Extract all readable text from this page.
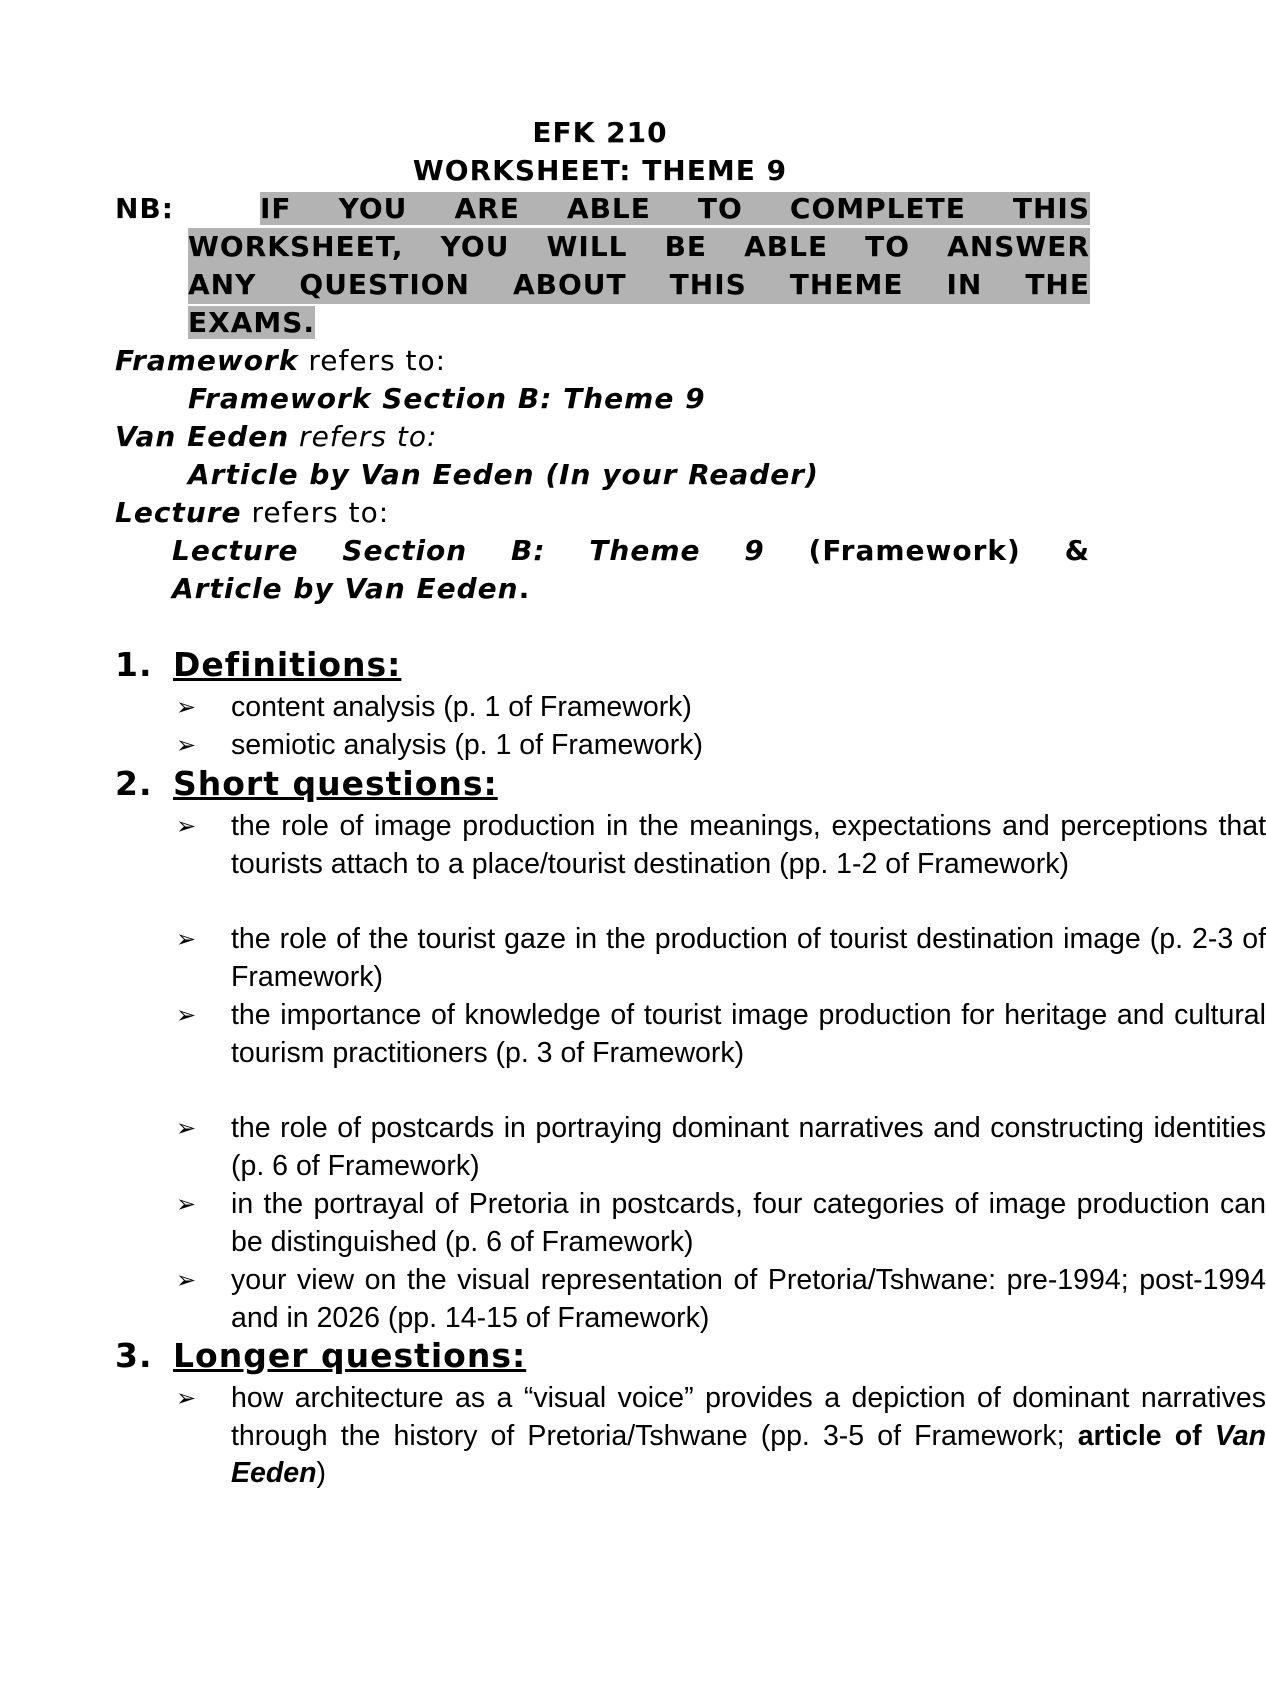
EFK 210
WORKSHEET: THEME 9
NB:	IF YOU ARE ABLE TO COMPLETE THIS
WORKSHEET, YOU WILL BE ABLE TO ANSWER
ANY QUESTION ABOUT THIS THEME IN THE
EXAMS.
Framework refers to:
Framework Section B: Theme 9
Van Eeden refers to:
Article by Van Eeden (In your Reader)
Lecture refers to:
Lecture Section B: Theme 9 (Framework) &
Article by Van Eeden.
1. Definitions:
➢ content analysis (p. 1 of Framework)
➢ semiotic analysis (p. 1 of Framework)
2. Short questions:
➢ the role of image production in the meanings, expectations and perceptions that tourists attach to a place/tourist destination (pp. 1-2 of Framework)
➢ the role of the tourist gaze in the production of tourist destination image (p. 2-3 of Framework)
➢ the importance of knowledge of tourist image production for heritage and cultural tourism practitioners (p. 3 of Framework)
➢ the role of postcards in portraying dominant narratives and constructing identities (p. 6 of Framework)
➢ in the portrayal of Pretoria in postcards, four categories of image production can be distinguished (p. 6 of Framework)
➢ your view on the visual representation of Pretoria/Tshwane: pre-1994; post-1994 and in 2026 (pp. 14-15 of Framework)
3. Longer questions:
➢ how architecture as a “visual voice” provides a depiction of dominant narratives through the history of Pretoria/Tshwane (pp. 3-5 of Framework; article of Van Eeden)
